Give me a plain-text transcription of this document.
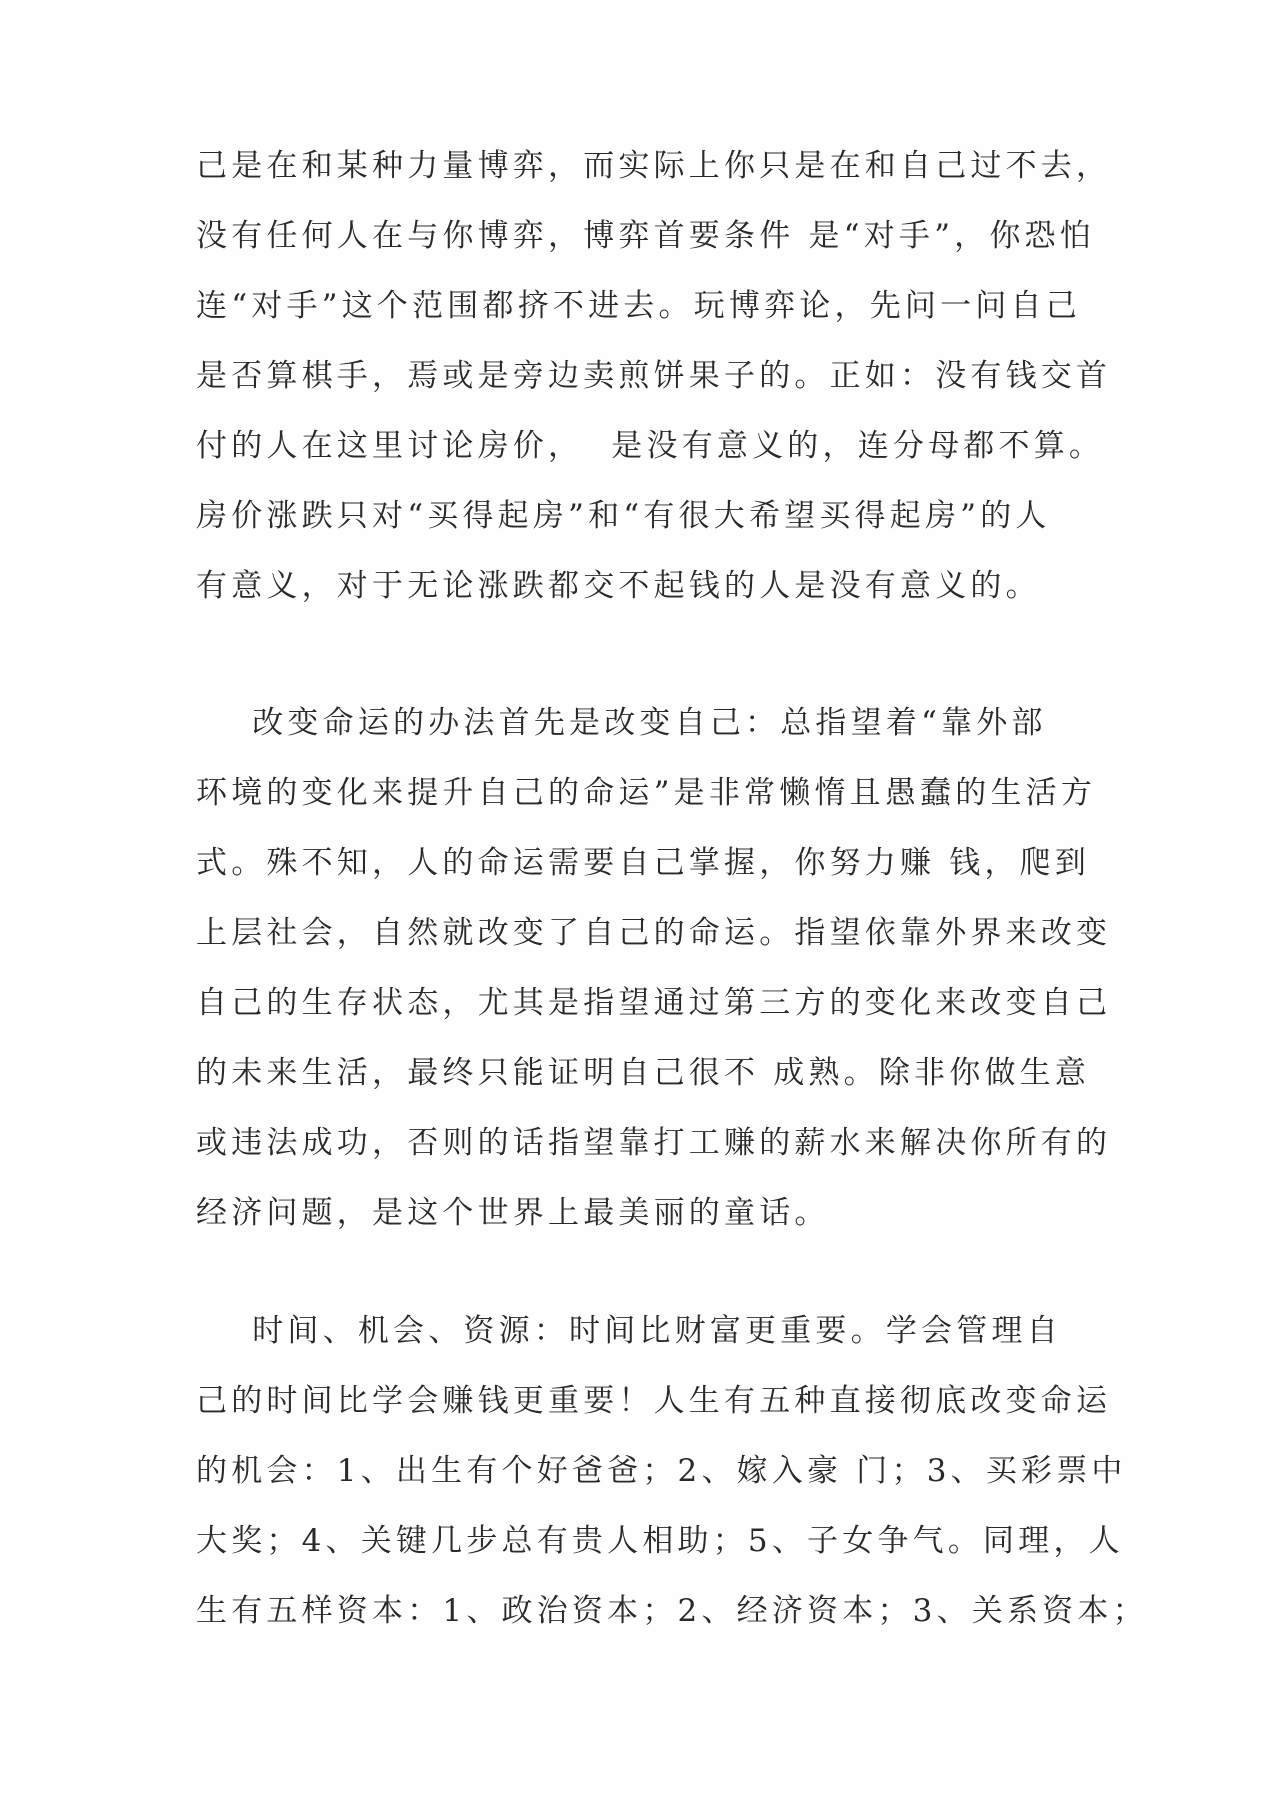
己是在和某种力量博弈，而实际上你只是在和自己过不去，
没有任何人在与你博弈，博弈首要条件 是“对手”，你恐怕
连“对手”这个范围都挤不进去。玩博弈论，先问一问自己
是否算棋手，焉或是旁边卖煎饼果子的。正如：没有钱交首
付的人在这里讨论房价，  是没有意义的，连分母都不算。
房价涨跌只对“买得起房”和“有很大希望买得起房”的人
有意义，对于无论涨跌都交不起钱的人是没有意义的。
改变命运的办法首先是改变自己：总指望着“靠外部
环境的变化来提升自己的命运”是非常懒惰且愚蠢的生活方
式。殊不知，人的命运需要自己掌握，你努力赚 钱，爬到
上层社会，自然就改变了自己的命运。指望依靠外界来改变
自己的生存状态，尤其是指望通过第三方的变化来改变自己
的未来生活，最终只能证明自己很不 成熟。除非你做生意
或违法成功，否则的话指望靠打工赚的薪水来解决你所有的
经济问题，是这个世界上最美丽的童话。
时间、机会、资源：时间比财富更重要。学会管理自
己的时间比学会赚钱更重要！人生有五种直接彻底改变命运
的机会：1、出生有个好爸爸；2、嫁入豪 门；3、买彩票中
大奖；4、关键几步总有贵人相助；5、子女争气。同理，人
生有五样资本：1、政治资本；2、经济资本；3、关系资本；
